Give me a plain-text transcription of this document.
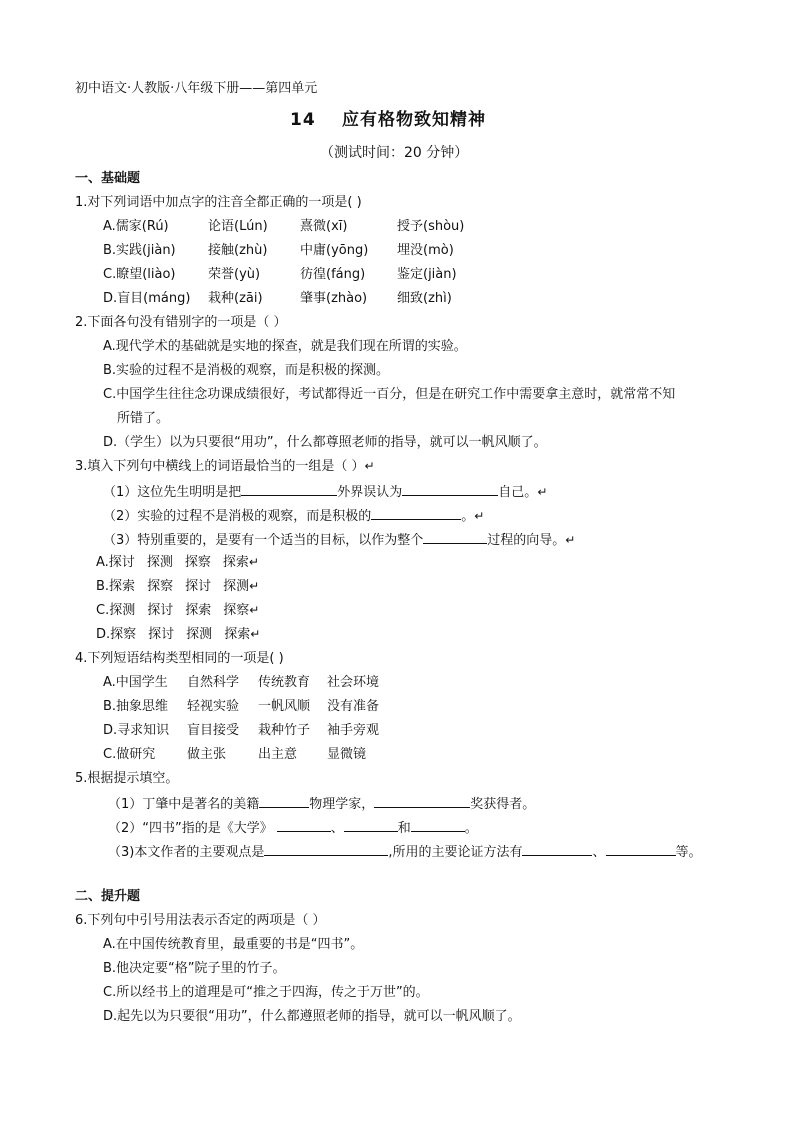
初中语文·人教版·八年级下册——第四单元
14 应有格物致知精神
（测试时间：20 分钟）
一、基础题
1.对下列词语中加点字的注音全都正确的一项是( )
A.儒家(Rú)	论语(Lún) 熹微(xī)	授予(shòu)
B.实践(jiàn) 接触(zhù)	中庸(yōng) 埋没(mò)
C.瞭望(liào)	荣誉(yù)	彷徨(fáng) 鉴定(jiàn)
D.盲目(máng) 栽种(zāi)	肇事(zhào) 细致(zhì)
2.下面各句没有错别字的一项是（ ）
A.现代学术的基础就是实地的探查，就是我们现在所谓的实验。
B.实验的过程不是消极的观察，而是积极的探测。
C.中国学生往往念功课成绩很好，考试都得近一百分，但是在研究工作中需要拿主意时，就常常不知
所错了。
D.（学生）以为只要很“用功”，什么都尊照老师的指导，就可以一帆风顺了。
3.填入下列句中横线上的词语最恰当的一组是（ ）↵
（1）这位先生明明是把	外界误认为	自己。↵
（2）实验的过程不是消极的观察，而是积极的	。↵
（3）特别重要的，是要有一个适当的目标，以作为整个	过程的向导。↵
A.探讨 探测 探察 探索↵
B.探索 探察 探讨 探测↵
C.探测 探讨 探索 探察↵
D.探察 探讨 探测 探索↵
4.下列短语结构类型相同的一项是( )
A.中国学生 自然科学 传统教育 社会环境
B.抽象思维 轻视实验 一帆风顺 没有准备
D.寻求知识 盲目接受 栽种竹子 袖手旁观
C.做研究 做主张 出主意 显微镜
5.根据提示填空。
（1）丁肇中是著名的美籍	物理学家，	奖获得者。
（2）“四书”指的是《大学》	、	和	。
（3)本文作者的主要观点是	,所用的主要论证方法有	、	等。
二、提升题
6.下列句中引号用法表示否定的两项是（ ）
A.在中国传统教育里，最重要的书是“四书”。
B.他决定要“格”院子里的竹子。
C.所以经书上的道理是可“推之于四海，传之于万世”的。
D.起先以为只要很“用功”，什么都遵照老师的指导，就可以一帆风顺了。
